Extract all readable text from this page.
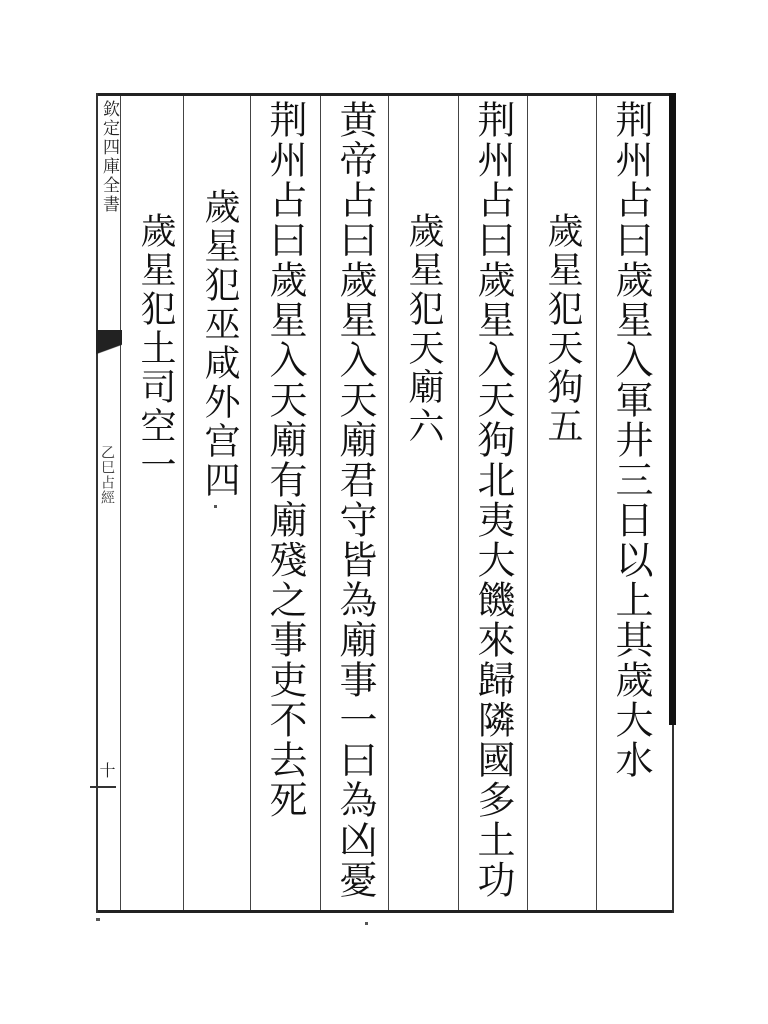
欽定四庫全書
乙巳占經
十	荆州占曰歲星入軍井三日以上其歲大水
歲星犯天狗五
荆州占曰歲星入天狗北夷大饑來歸隣國多土功
歲星犯天廟六
黄帝占曰歲星入天廟君守皆為廟事一曰為凶憂
荆州占曰歲星入天廟有廟殘之事吏不去死
歲星犯巫咸外宫四
歲星犯土司空一
